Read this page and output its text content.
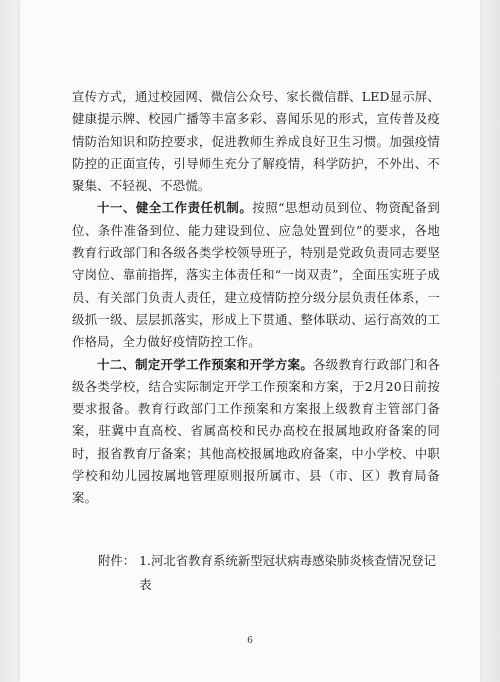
宣传方式，通过校园网、微信公众号、家长微信群、LED显示屏、健康提示牌、校园广播等丰富多彩、喜闻乐见的形式，宣传普及疫情防治知识和防控要求，促进教师生养成良好卫生习惯。加强疫情防控的正面宣传，引导师生充分了解疫情，科学防护，不外出、不聚集、不轻视、不恐慌。

十一、健全工作责任机制。按照“思想动员到位、物资配备到位、条件准备到位、能力建设到位、应急处置到位”的要求，各地教育行政部门和各级各类学校领导班子，特别是党政负责同志要坚守岗位、靠前指挥，落实主体责任和“一岗双责”，全面压实班子成员、有关部门负责人责任，建立疫情防控分级分层负责任体系，一级抓一级、层层抓落实，形成上下贯通、整体联动、运行高效的工作格局，全力做好疫情防控工作。

十二、制定开学工作预案和开学方案。各级教育行政部门和各级各类学校，结合实际制定开学工作预案和方案，于2月20日前按要求报备。教育行政部门工作预案和方案报上级教育主管部门备案，驻冀中直高校、省属高校和民办高校在报属地政府备案的同时，报省教育厅备案；其他高校报属地政府备案，中小学校、中职学校和幼儿园按属地管理原则报所属市、县（市、区）教育局备案。

附件： 1.河北省教育系统新型冠状病毒感染肺炎核查情况登记表
6
